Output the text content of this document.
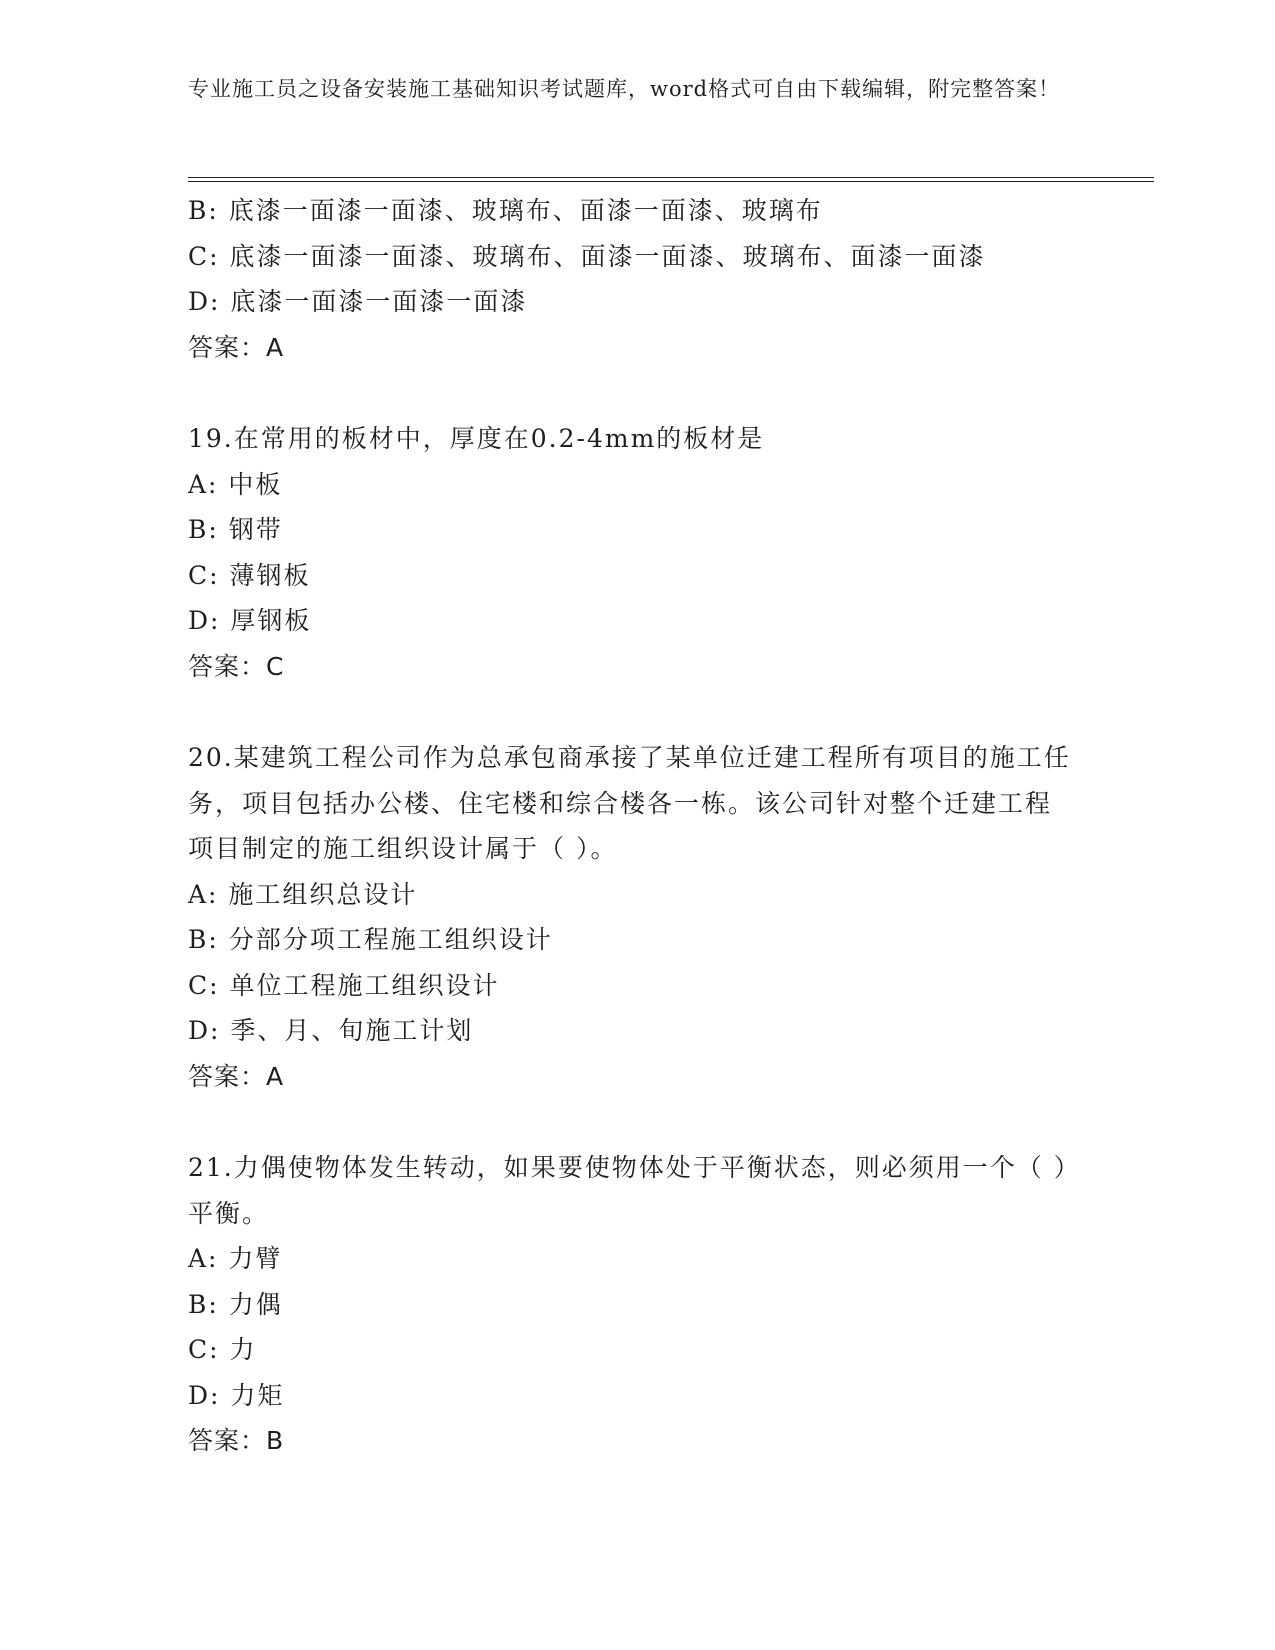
专业施工员之设备安装施工基础知识考试题库，word格式可自由下载编辑，附完整答案！
B: 底漆一面漆一面漆、玻璃布、面漆一面漆、玻璃布
C: 底漆一面漆一面漆、玻璃布、面漆一面漆、玻璃布、面漆一面漆
D: 底漆一面漆一面漆一面漆
答案：A
19.在常用的板材中，厚度在0.2-4mm的板材是
A: 中板
B: 钢带
C: 薄钢板
D: 厚钢板
答案：C
20.某建筑工程公司作为总承包商承接了某单位迁建工程所有项目的施工任务，项目包括办公楼、住宅楼和综合楼各一栋。该公司针对整个迁建工程项目制定的施工组织设计属于（ ）。
A: 施工组织总设计
B: 分部分项工程施工组织设计
C: 单位工程施工组织设计
D: 季、月、旬施工计划
答案：A
21.力偶使物体发生转动，如果要使物体处于平衡状态，则必须用一个（ ）平衡。
A: 力臂
B: 力偶
C: 力
D: 力矩
答案：B
